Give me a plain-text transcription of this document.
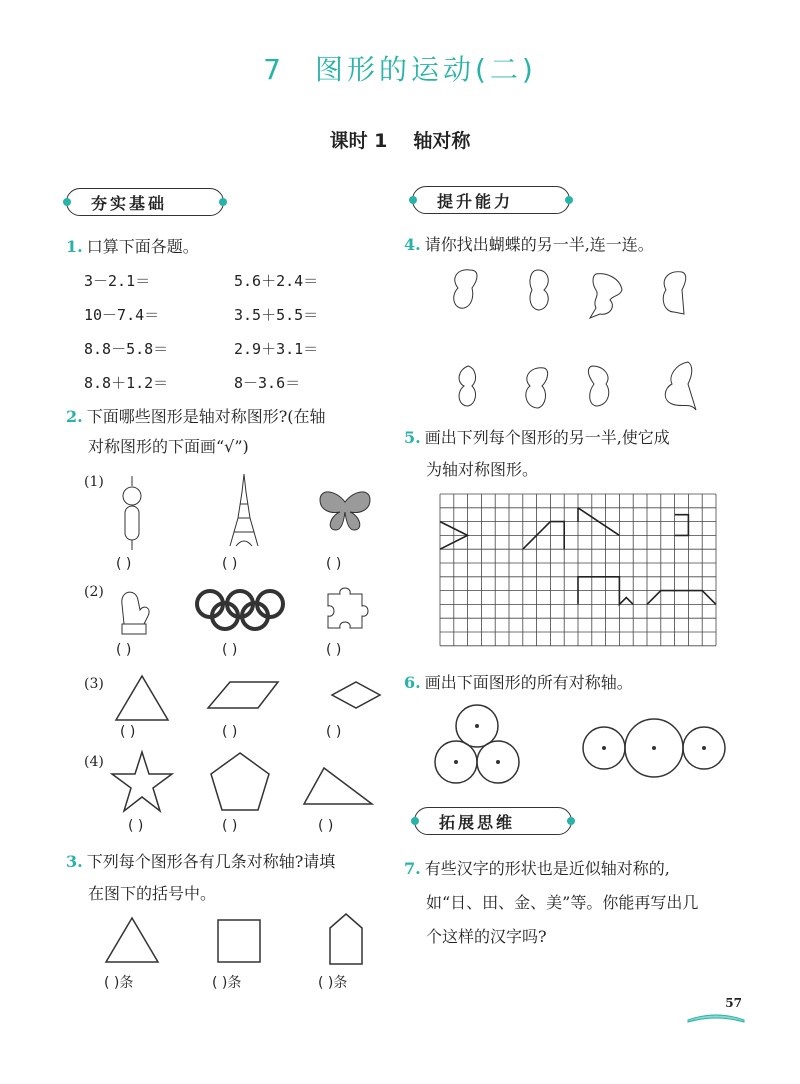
7 图形的运动(二)
课时 1 轴对称
夯实基础	提升能力
拓展思维
1. 口算下面各题。
3－2.1＝	5.6＋2.4＝
10－7.4＝	3.5＋5.5＝
8.8－5.8＝	2.9＋3.1＝
8.8＋1.2＝	8－3.6＝
2. 下面哪些图形是轴对称图形?(在轴
对称图形的下面画“√”)
(1)
(2)
(3)
(4)
( )	( )	( )
( )	( )	( )
( )	( )	( )
( )	( )	( )
3. 下列每个图形各有几条对称轴?请填
在图下的括号中。
( )条	( )条	( )条
4. 请你找出蝴蝶的另一半,连一连。
5. 画出下列每个图形的另一半,使它成
为轴对称图形。
6. 画出下面图形的所有对称轴。
7. 有些汉字的形状也是近似轴对称的,
如“日、田、金、美”等。你能再写出几
个这样的汉字吗?
57
